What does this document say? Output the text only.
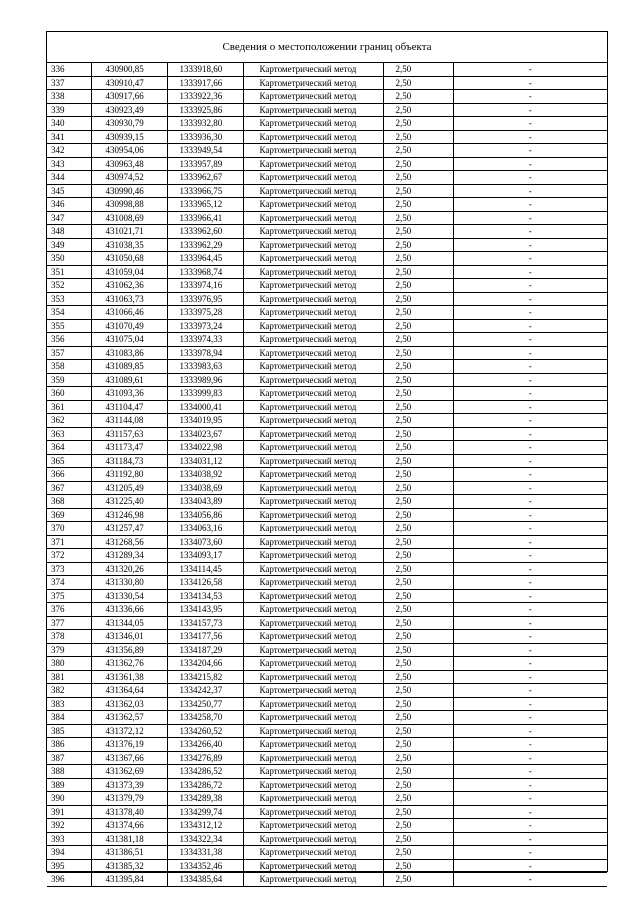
Сведения о местоположении границ объекта
336	430900,85	1333918,60	Картометрический метод	2,50	-
337	430910,47	1333917,66	Картометрический метод	2,50	-
338	430917,66	1333922,36	Картометрический метод	2,50	-
339	430923,49	1333925,86	Картометрический метод	2,50	-
340	430930,79	1333932,80	Картометрический метод	2,50	-
341	430939,15	1333936,30	Картометрический метод	2,50	-
342	430954,06	1333949,54	Картометрический метод	2,50	-
343	430963,48	1333957,89	Картометрический метод	2,50	-
344	430974,52	1333962,67	Картометрический метод	2,50	-
345	430990,46	1333966,75	Картометрический метод	2,50	-
346	430998,88	1333965,12	Картометрический метод	2,50	-
347	431008,69	1333966,41	Картометрический метод	2,50	-
348	431021,71	1333962,60	Картометрический метод	2,50	-
349	431038,35	1333962,29	Картометрический метод	2,50	-
350	431050,68	1333964,45	Картометрический метод	2,50	-
351	431059,04	1333968,74	Картометрический метод	2,50	-
352	431062,36	1333974,16	Картометрический метод	2,50	-
353	431063,73	1333976,95	Картометрический метод	2,50	-
354	431066,46	1333975,28	Картометрический метод	2,50	-
355	431070,49	1333973,24	Картометрический метод	2,50	-
356	431075,04	1333974,33	Картометрический метод	2,50	-
357	431083,86	1333978,94	Картометрический метод	2,50	-
358	431089,85	1333983,63	Картометрический метод	2,50	-
359	431089,61	1333989,96	Картометрический метод	2,50	-
360	431093,36	1333999,83	Картометрический метод	2,50	-
361	431104,47	1334000,41	Картометрический метод	2,50	-
362	431144,08	1334019,95	Картометрический метод	2,50	-
363	431157,63	1334023,67	Картометрический метод	2,50	-
364	431173,47	1334022,98	Картометрический метод	2,50	-
365	431184,73	1334031,12	Картометрический метод	2,50	-
366	431192,80	1334038,92	Картометрический метод	2,50	-
367	431205,49	1334038,69	Картометрический метод	2,50	-
368	431225,40	1334043,89	Картометрический метод	2,50	-
369	431246,98	1334056,86	Картометрический метод	2,50	-
370	431257,47	1334063,16	Картометрический метод	2,50	-
371	431268,56	1334073,60	Картометрический метод	2,50	-
372	431289,34	1334093,17	Картометрический метод	2,50	-
373	431320,26	1334114,45	Картометрический метод	2,50	-
374	431330,80	1334126,58	Картометрический метод	2,50	-
375	431330,54	1334134,53	Картометрический метод	2,50	-
376	431336,66	1334143,95	Картометрический метод	2,50	-
377	431344,05	1334157,73	Картометрический метод	2,50	-
378	431346,01	1334177,56	Картометрический метод	2,50	-
379	431356,89	1334187,29	Картометрический метод	2,50	-
380	431362,76	1334204,66	Картометрический метод	2,50	-
381	431361,38	1334215,82	Картометрический метод	2,50	-
382	431364,64	1334242,37	Картометрический метод	2,50	-
383	431362,03	1334250,77	Картометрический метод	2,50	-
384	431362,57	1334258,70	Картометрический метод	2,50	-
385	431372,12	1334260,52	Картометрический метод	2,50	-
386	431376,19	1334266,40	Картометрический метод	2,50	-
387	431367,66	1334276,89	Картометрический метод	2,50	-
388	431362,69	1334286,52	Картометрический метод	2,50	-
389	431373,39	1334286,72	Картометрический метод	2,50	-
390	431379,79	1334289,38	Картометрический метод	2,50	-
391	431378,40	1334299,74	Картометрический метод	2,50	-
392	431374,66	1334312,12	Картометрический метод	2,50	-
393	431381,18	1334322,34	Картометрический метод	2,50	-
394	431386,51	1334331,38	Картометрический метод	2,50	-
395	431385,32	1334352,46	Картометрический метод	2,50	-
396	431395,84	1334385,64	Картометрический метод	2,50	-
